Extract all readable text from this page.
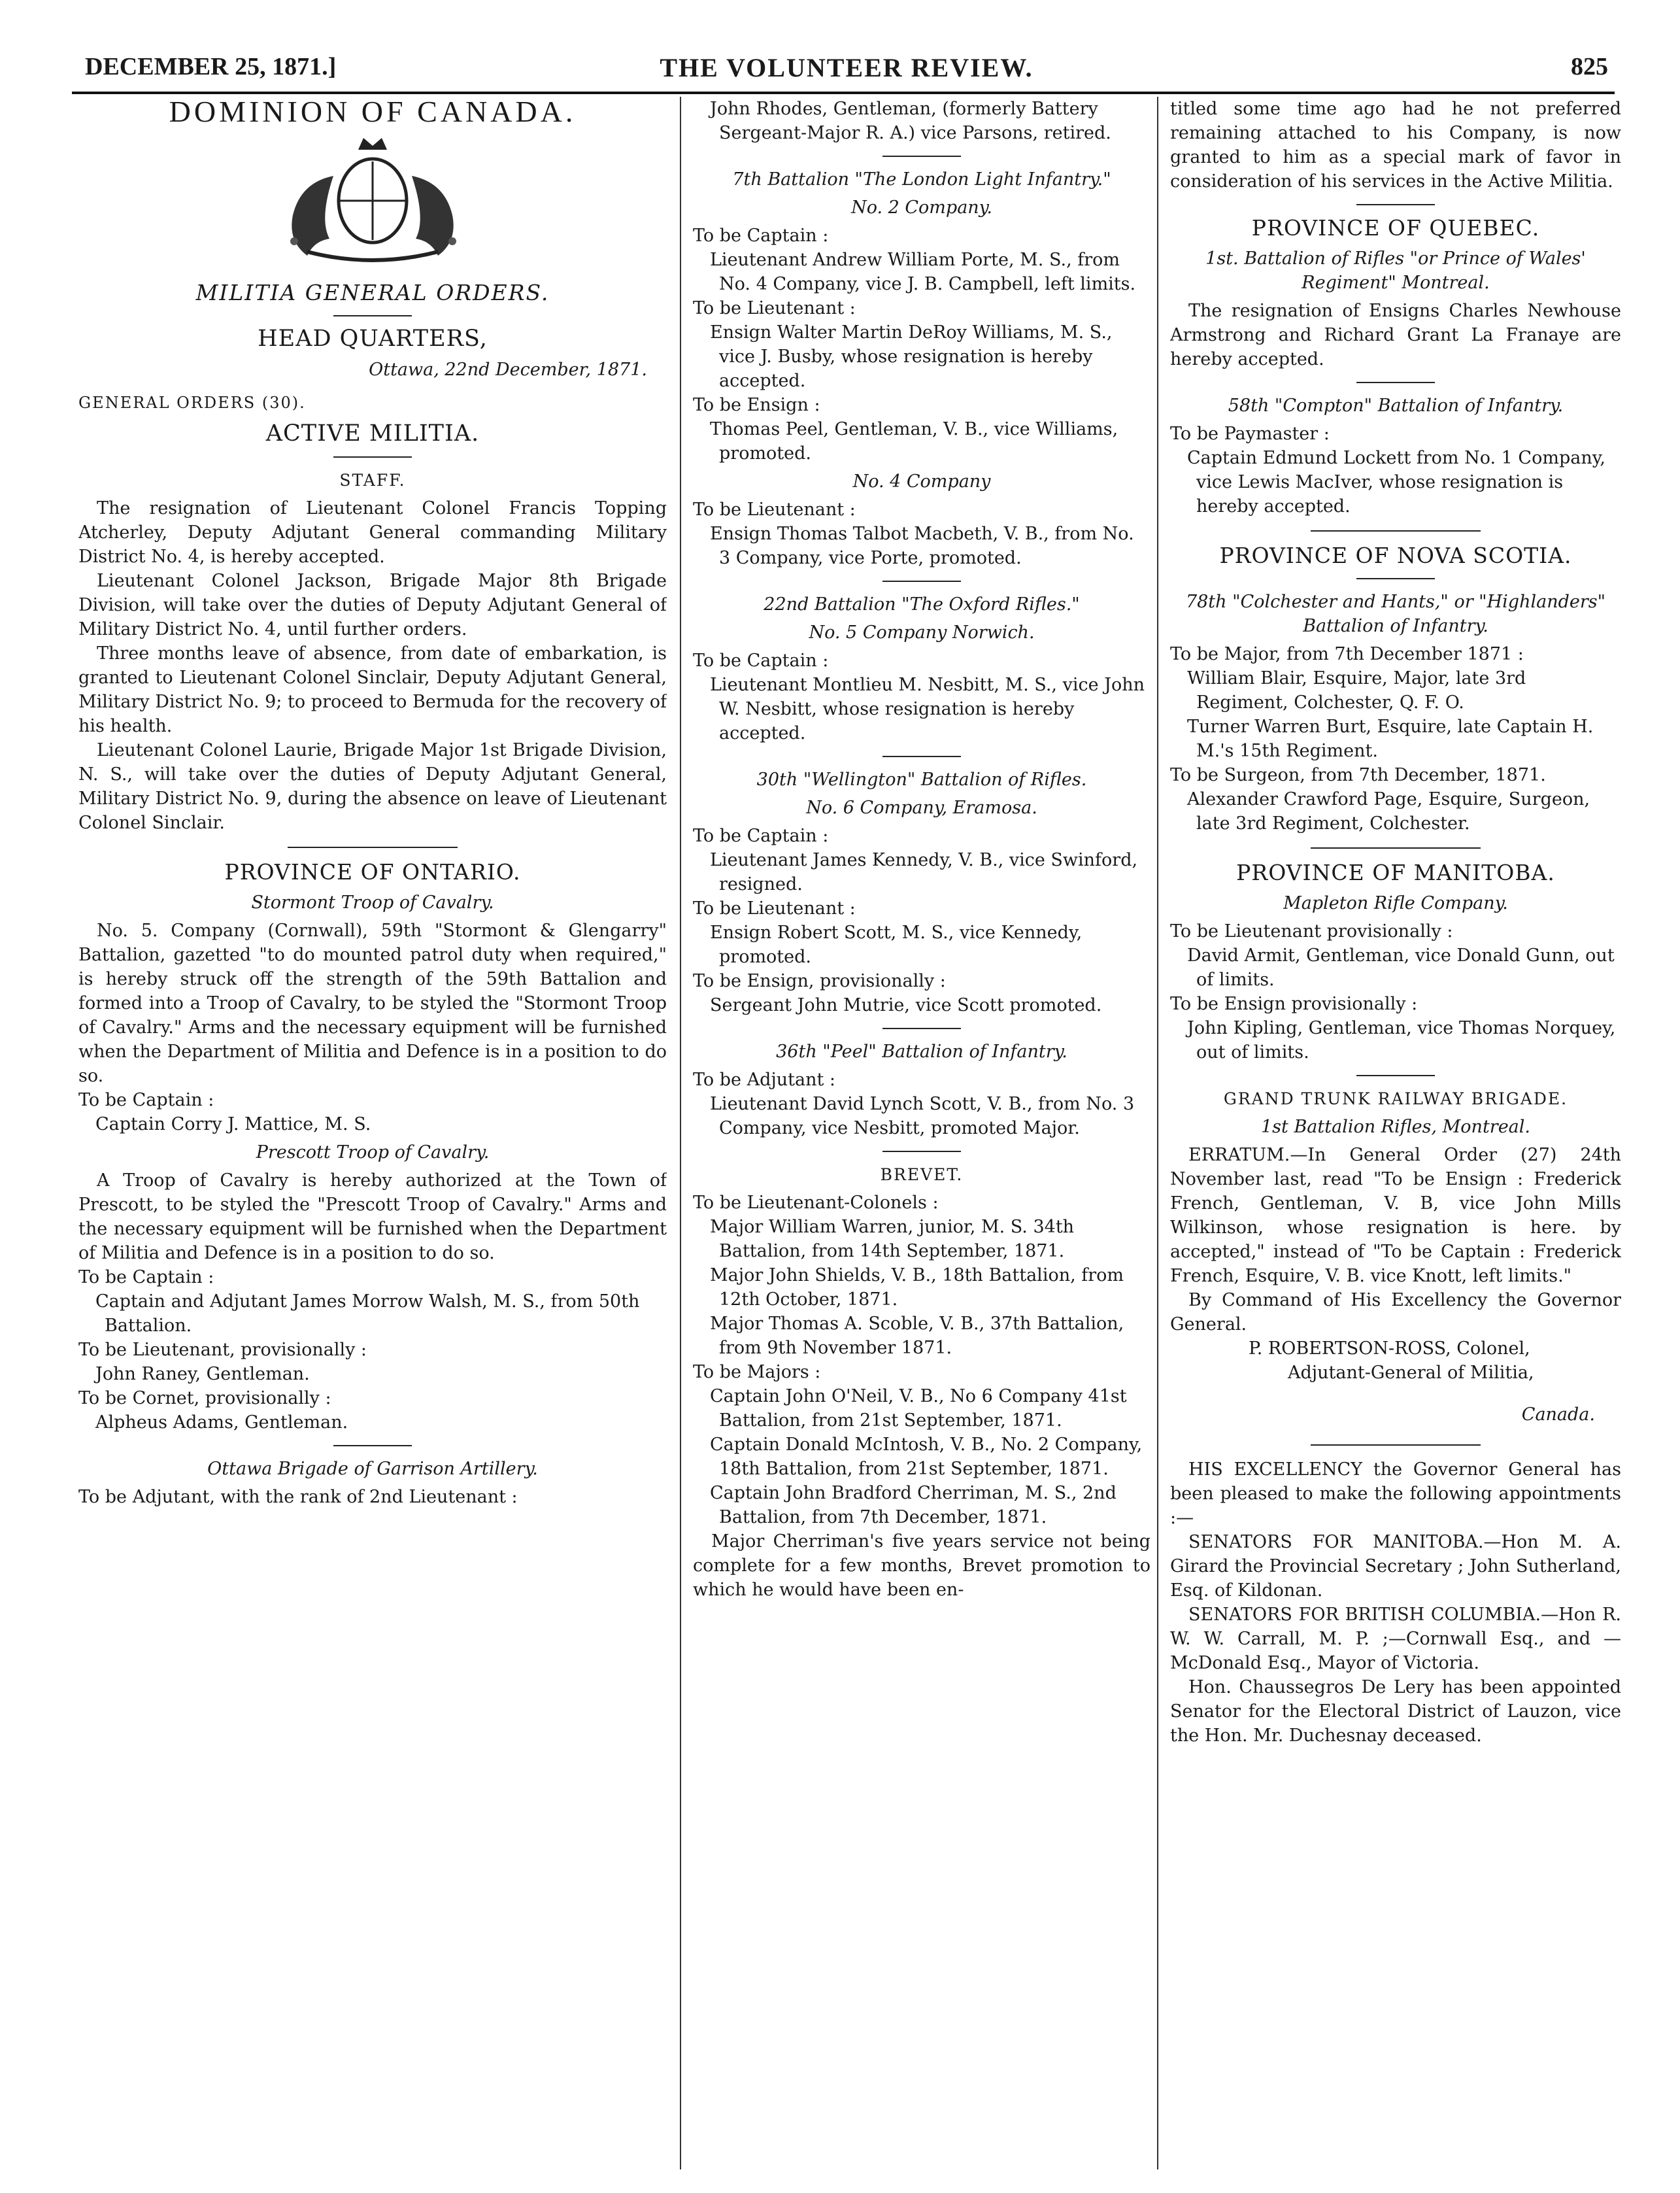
DECEMBER 25, 1871.]	THE VOLUNTEER REVIEW.	825
DOMINION OF CANADA.
MILITIA GENERAL ORDERS.
HEAD QUARTERS,
Ottawa, 22nd December, 1871.
GENERAL ORDERS (30).
ACTIVE MILITIA.
STAFF.

The resignation of Lieutenant Colonel Francis Topping Atcherley, Deputy Adjutant General commanding Military District No. 4, is hereby accepted.

Lieutenant Colonel Jackson, Brigade Major 8th Brigade Division, will take over the duties of Deputy Adjutant General of Military District No. 4, until further orders.

Three months leave of absence, from date of embarkation, is granted to Lieutenant Colonel Sinclair, Deputy Adjutant General, Military District No. 9; to proceed to Bermuda for the recovery of his health.

Lieutenant Colonel Laurie, Brigade Major 1st Brigade Division, N. S., will take over the duties of Deputy Adjutant General, Military District No. 9, during the absence on leave of Lieutenant Colonel Sinclair.

PROVINCE OF ONTARIO.
Stormont Troop of Cavalry.

No. 5. Company (Cornwall), 59th "Stormont & Glengarry" Battalion, gazetted "to do mounted patrol duty when required," is hereby struck off the strength of the 59th Battalion and formed into a Troop of Cavalry, to be styled the "Stormont Troop of Cavalry." Arms and the necessary equipment will be furnished when the Department of Militia and Defence is in a position to do so.

To be Captain :

Captain Corry J. Mattice, M. S.

Prescott Troop of Cavalry.

A Troop of Cavalry is hereby authorized at the Town of Prescott, to be styled the "Prescott Troop of Cavalry." Arms and the necessary equipment will be furnished when the Department of Militia and Defence is in a position to do so.

To be Captain :

Captain and Adjutant James Morrow Walsh, M. S., from 50th Battalion.

To be Lieutenant, provisionally :

John Raney, Gentleman.

To be Cornet, provisionally :

Alpheus Adams, Gentleman.

Ottawa Brigade of Garrison Artillery.

To be Adjutant, with the rank of 2nd Lieutenant :

John Rhodes, Gentleman, (formerly Battery Sergeant-Major R. A.) vice Parsons, retired.

7th Battalion "The London Light Infantry."
No. 2 Company.

To be Captain :

Lieutenant Andrew William Porte, M. S., from No. 4 Company, vice J. B. Campbell, left limits.

To be Lieutenant :

Ensign Walter Martin DeRoy Williams, M. S., vice J. Busby, whose resignation is hereby accepted.

To be Ensign :

Thomas Peel, Gentleman, V. B., vice Williams, promoted.

No. 4 Company

To be Lieutenant :

Ensign Thomas Talbot Macbeth, V. B., from No. 3 Company, vice Porte, promoted.

22nd Battalion "The Oxford Rifles."
No. 5 Company Norwich.

To be Captain :

Lieutenant Montlieu M. Nesbitt, M. S., vice John W. Nesbitt, whose resignation is hereby accepted.

30th "Wellington" Battalion of Rifles.
No. 6 Company, Eramosa.

To be Captain :

Lieutenant James Kennedy, V. B., vice Swinford, resigned.

To be Lieutenant :

Ensign Robert Scott, M. S., vice Kennedy, promoted.

To be Ensign, provisionally :

Sergeant John Mutrie, vice Scott promoted.

36th "Peel" Battalion of Infantry.

To be Adjutant :

Lieutenant David Lynch Scott, V. B., from No. 3 Company, vice Nesbitt, promoted Major.

BREVET.

To be Lieutenant-Colonels :

Major William Warren, junior, M. S. 34th Battalion, from 14th September, 1871.

Major John Shields, V. B., 18th Battalion, from 12th October, 1871.

Major Thomas A. Scoble, V. B., 37th Battalion, from 9th November 1871.

To be Majors :

Captain John O'Neil, V. B., No 6 Company 41st Battalion, from 21st September, 1871.

Captain Donald McIntosh, V. B., No. 2 Company, 18th Battalion, from 21st September, 1871.

Captain John Bradford Cherriman, M. S., 2nd Battalion, from 7th December, 1871.

Major Cherriman's five years service not being complete for a few months, Brevet promotion to which he would have been en-

titled some time ago had he not preferred remaining attached to his Company, is now granted to him as a special mark of favor in consideration of his services in the Active Militia.

PROVINCE OF QUEBEC.
1st. Battalion of Rifles "or Prince of Wales' Regiment" Montreal.

The resignation of Ensigns Charles Newhouse Armstrong and Richard Grant La Franaye are hereby accepted.

58th "Compton" Battalion of Infantry.

To be Paymaster :

Captain Edmund Lockett from No. 1 Company, vice Lewis MacIver, whose resignation is hereby accepted.

PROVINCE OF NOVA SCOTIA.
78th "Colchester and Hants," or "Highlanders" Battalion of Infantry.

To be Major, from 7th December 1871 :

William Blair, Esquire, Major, late 3rd Regiment, Colchester, Q. F. O.

Turner Warren Burt, Esquire, late Captain H. M.'s 15th Regiment.

To be Surgeon, from 7th December, 1871.

Alexander Crawford Page, Esquire, Surgeon, late 3rd Regiment, Colchester.

PROVINCE OF MANITOBA.
Mapleton Rifle Company.

To be Lieutenant provisionally :

David Armit, Gentleman, vice Donald Gunn, out of limits.

To be Ensign provisionally :

John Kipling, Gentleman, vice Thomas Norquey, out of limits.

GRAND TRUNK RAILWAY BRIGADE.
1st Battalion Rifles, Montreal.

ERRATUM.—In General Order (27) 24th November last, read "To be Ensign : Frederick French, Gentleman, V. B, vice John Mills Wilkinson, whose resignation is here. by accepted," instead of "To be Captain : Frederick French, Esquire, V. B. vice Knott, left limits."

By Command of His Excellency the Governor General.

P. ROBERTSON-ROSS, Colonel,

Adjutant-General of Militia,

Canada.

HIS EXCELLENCY the Governor General has been pleased to make the following appointments :—

SENATORS FOR MANITOBA.—Hon M. A. Girard the Provincial Secretary ; John Sutherland, Esq. of Kildonan.

SENATORS FOR BRITISH COLUMBIA.—Hon R. W. W. Carrall, M. P. ;—Cornwall Esq., and —McDonald Esq., Mayor of Victoria.

Hon. Chaussegros De Lery has been appointed Senator for the Electoral District of Lauzon, vice the Hon. Mr. Duchesnay deceased.
